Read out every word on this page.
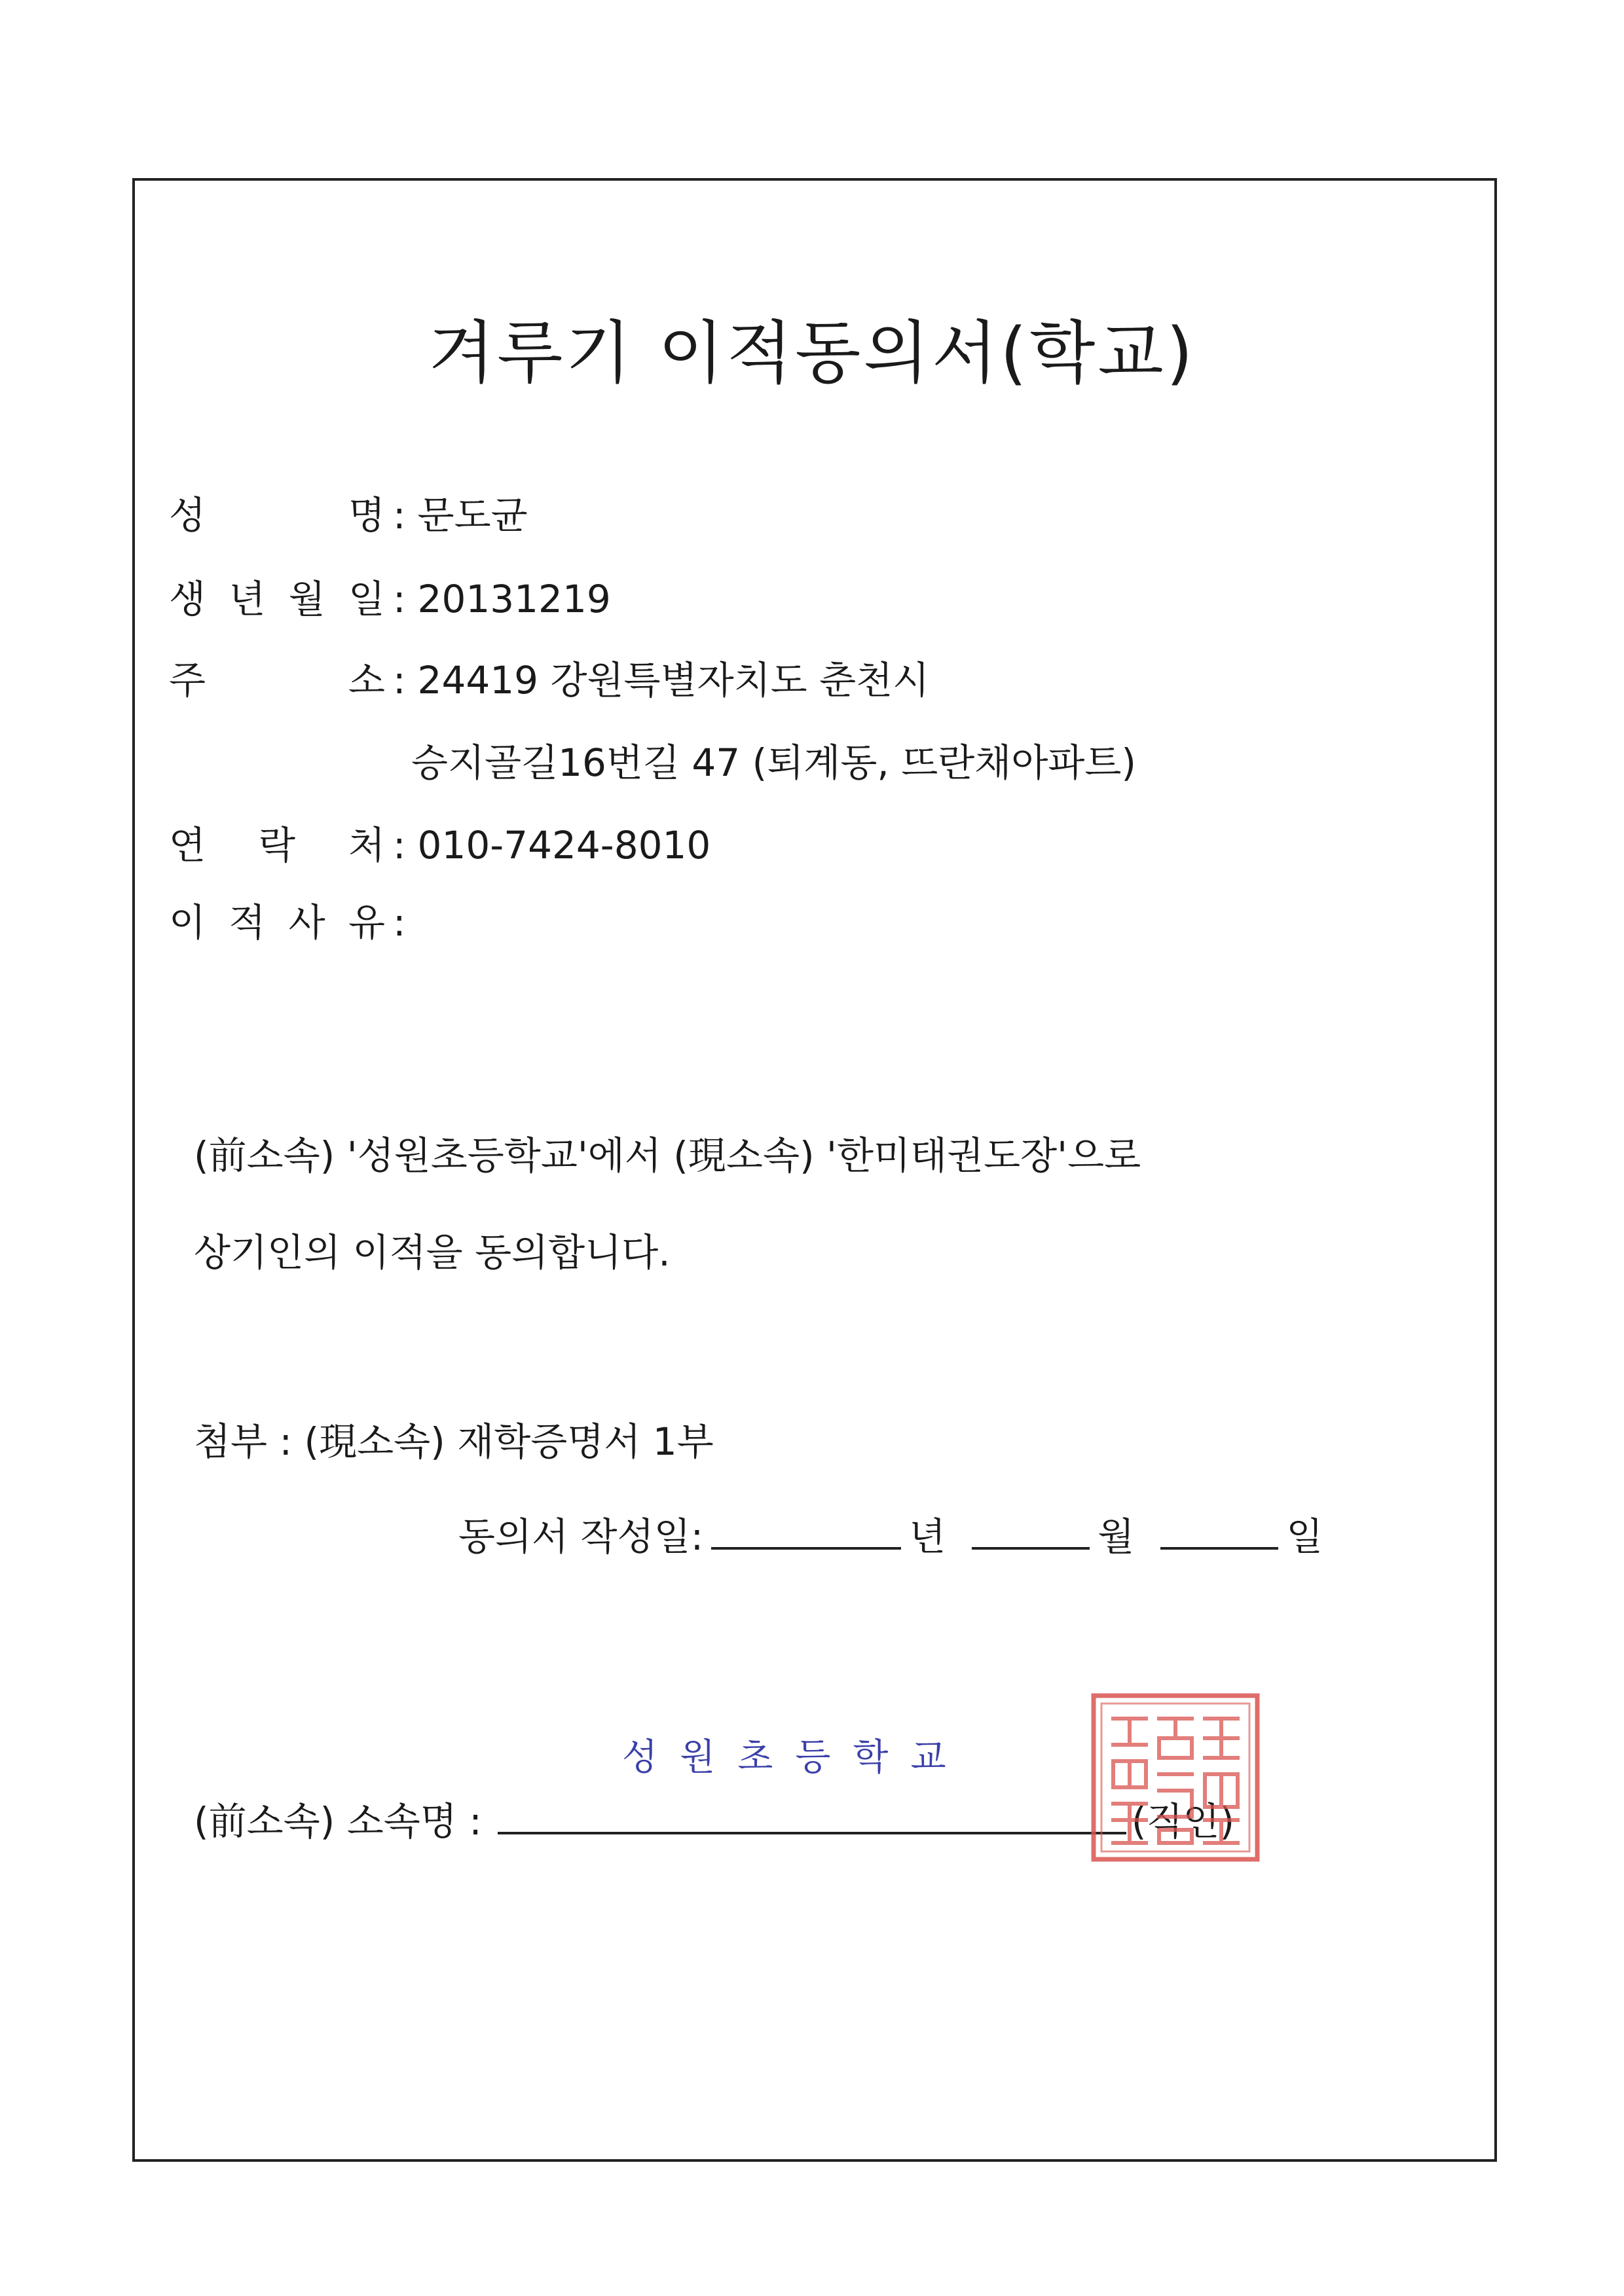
겨루기 이적동의서(학교)
성	명 : 문도균
생 년 월 일 : 20131219
주	소 : 24419 강원특별자치도 춘천시
승지골길16번길 47 (퇴계동, 뜨란채아파트)
연 락 처 : 010-7424-8010
이 적 사 유 :
(前소속) '성원초등학교'에서 (現소속) '한미태권도장'으로
상기인의 이적을 동의합니다.
첨부 : (現소속) 재학증명서 1부
동의서 작성일:	년	월	일
성원초등학교
(前소속) 소속명 :	(직인)
